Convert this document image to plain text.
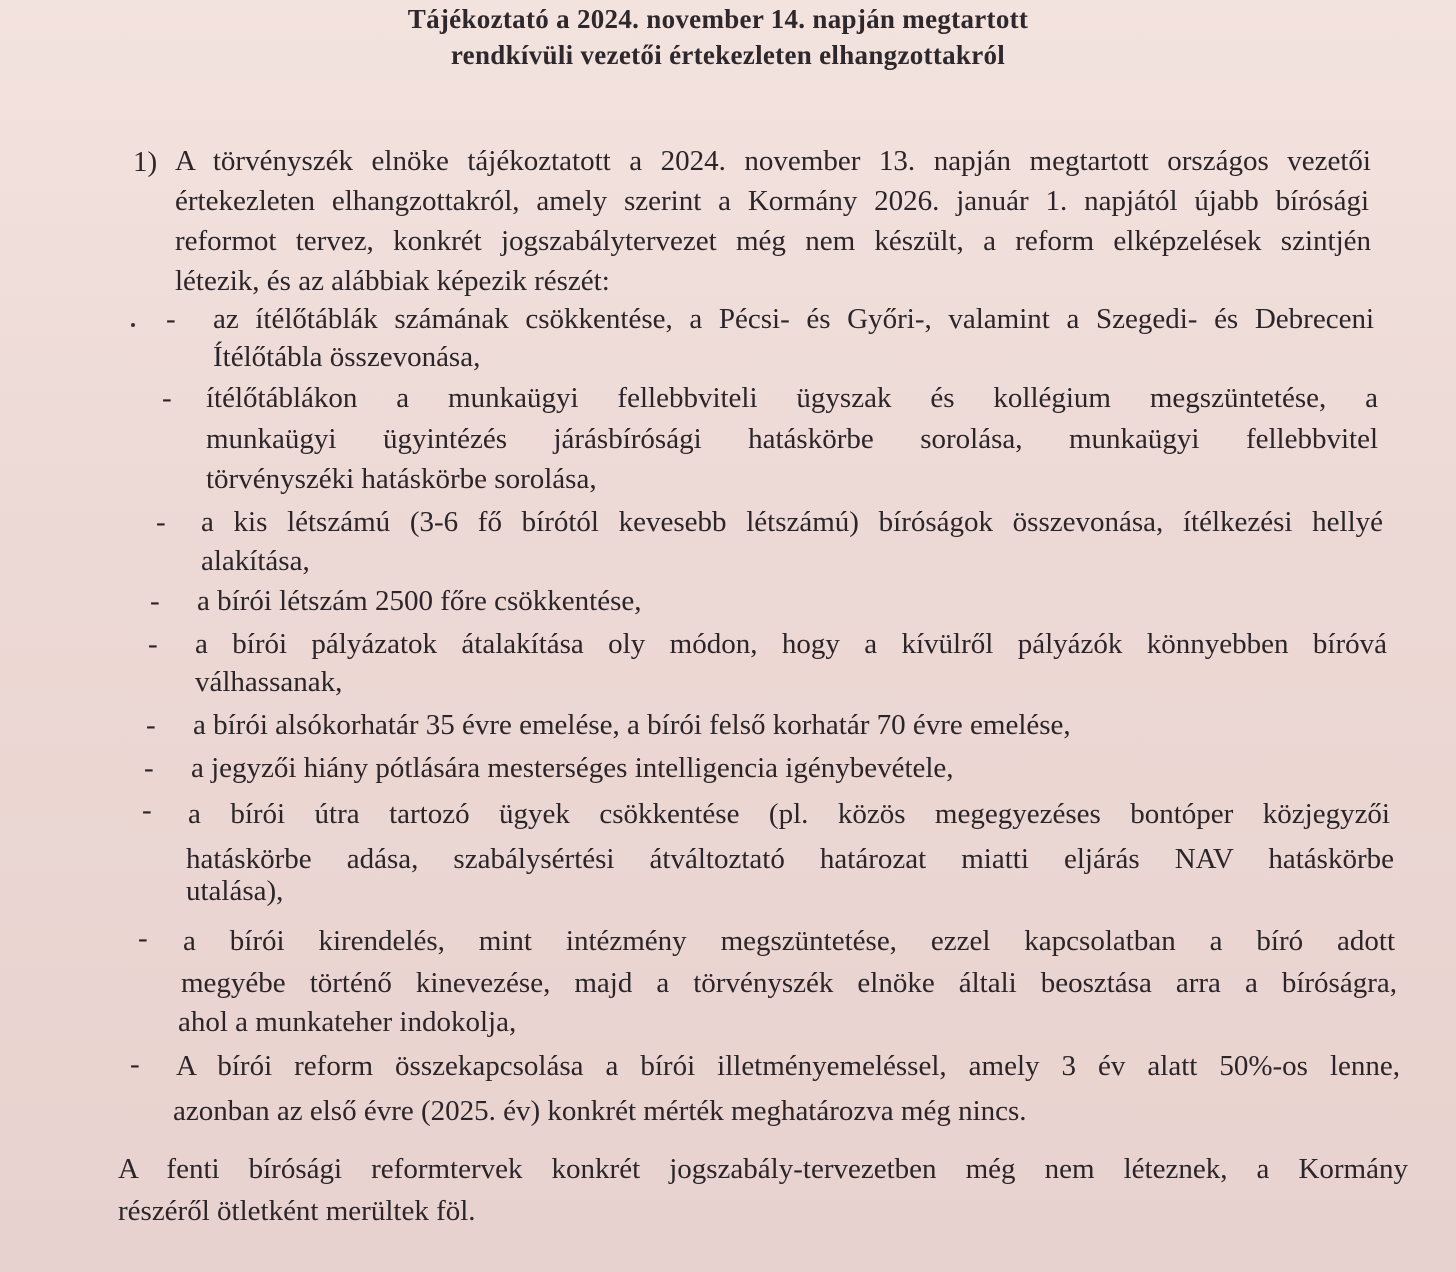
Tájékoztató a 2024. november 14. napján megtartott
rendkívüli vezetői értekezleten elhangzottakról
1) A törvényszék elnöke tájékoztatott a 2024. november 13. napján megtartott országos vezetői
értekezleten elhangzottakról, amely szerint a Kormány 2026. január 1. napjától újabb bírósági
reformot tervez, konkrét jogszabálytervezet még nem készült, a reform elképzelések szintjén
létezik, és az alábbiak képezik részét:
- az ítélőtáblák számának csökkentése, a Pécsi- és Győri-, valamint a Szegedi- és Debreceni
Ítélőtábla összevonása,
- ítélőtáblákon a munkaügyi fellebbviteli ügyszak és kollégium megszüntetése, a
munkaügyi ügyintézés járásbírósági hatáskörbe sorolása, munkaügyi fellebbvitel
törvényszéki hatáskörbe sorolása,
- a kis létszámú (3-6 fő bírótól kevesebb létszámú) bíróságok összevonása, ítélkezési hellyé
alakítása,
- a bírói létszám 2500 főre csökkentése,
- a bírói pályázatok átalakítása oly módon, hogy a kívülről pályázók könnyebben bíróvá
válhassanak,
- a bírói alsókorhatár 35 évre emelése, a bírói felső korhatár 70 évre emelése,
- a jegyzői hiány pótlására mesterséges intelligencia igénybevétele,
- a bírói útra tartozó ügyek csökkentése (pl. közös megegyezéses bontóper közjegyzői
hatáskörbe adása, szabálysértési átváltoztató határozat miatti eljárás NAV hatáskörbe
utalása),
- a bírói kirendelés, mint intézmény megszüntetése, ezzel kapcsolatban a bíró adott
megyébe történő kinevezése, majd a törvényszék elnöke általi beosztása arra a bíróságra,
ahol a munkateher indokolja,
- A bírói reform összekapcsolása a bírói illetményemeléssel, amely 3 év alatt 50%-os lenne,
azonban az első évre (2025. év) konkrét mérték meghatározva még nincs.
A fenti bírósági reformtervek konkrét jogszabály-tervezetben még nem léteznek, a Kormány
részéről ötletként merültek föl.
